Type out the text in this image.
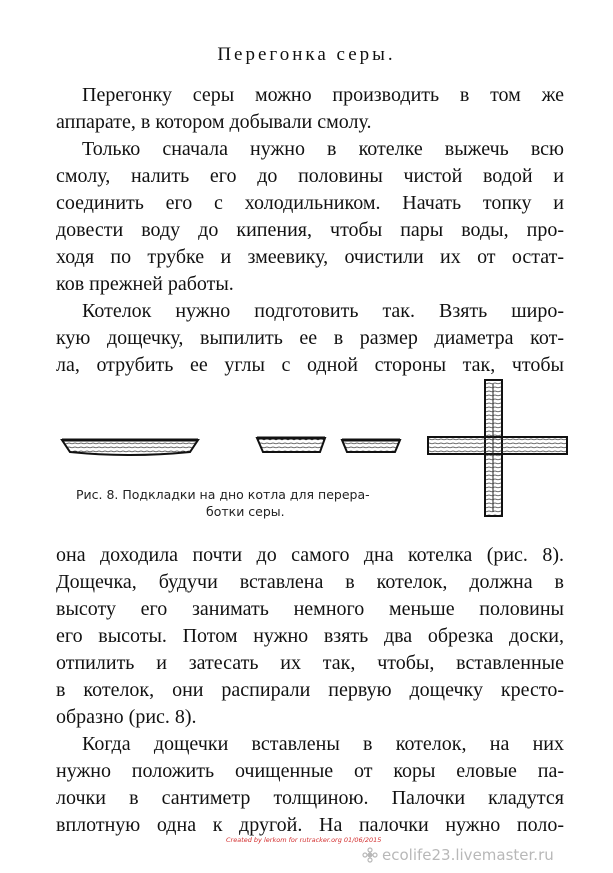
Перегонка серы.
Перегонку серы можно производить в том же
аппарате, в котором добывали смолу.
Только сначала нужно в котелке выжечь всю
смолу, налить его до половины чистой водой и
соединить его с холодильником. Начать топку и
довести воду до кипения, чтобы пары воды, про-
ходя по трубке и змеевику, очистили их от остат-
ков прежней работы.
Котелок нужно подготовить так. Взять широ-
кую дощечку, выпилить ее в размер диаметра кот-
ла, отрубить ее углы с одной стороны так, чтобы
Рис. 8. Подкладки на дно котла для перера-
ботки серы.
она доходила почти до самого дна котелка (рис. 8).
Дощечка, будучи вставлена в котелок, должна в
высоту его занимать немного меньше половины
его высоты. Потом нужно взять два обрезка доски,
отпилить и затесать их так, чтобы, вставленные
в котелок, они распирали первую дощечку кресто-
образно (рис. 8).
Когда дощечки вставлены в котелок, на них
нужно положить очищенные от коры еловые па-
лочки в сантиметр толщиною. Палочки кладутся
вплотную одна к другой. На палочки нужно поло-
Created by lerkom for rutracker.org 01/06/2015
ecolife23.livemaster.ru
